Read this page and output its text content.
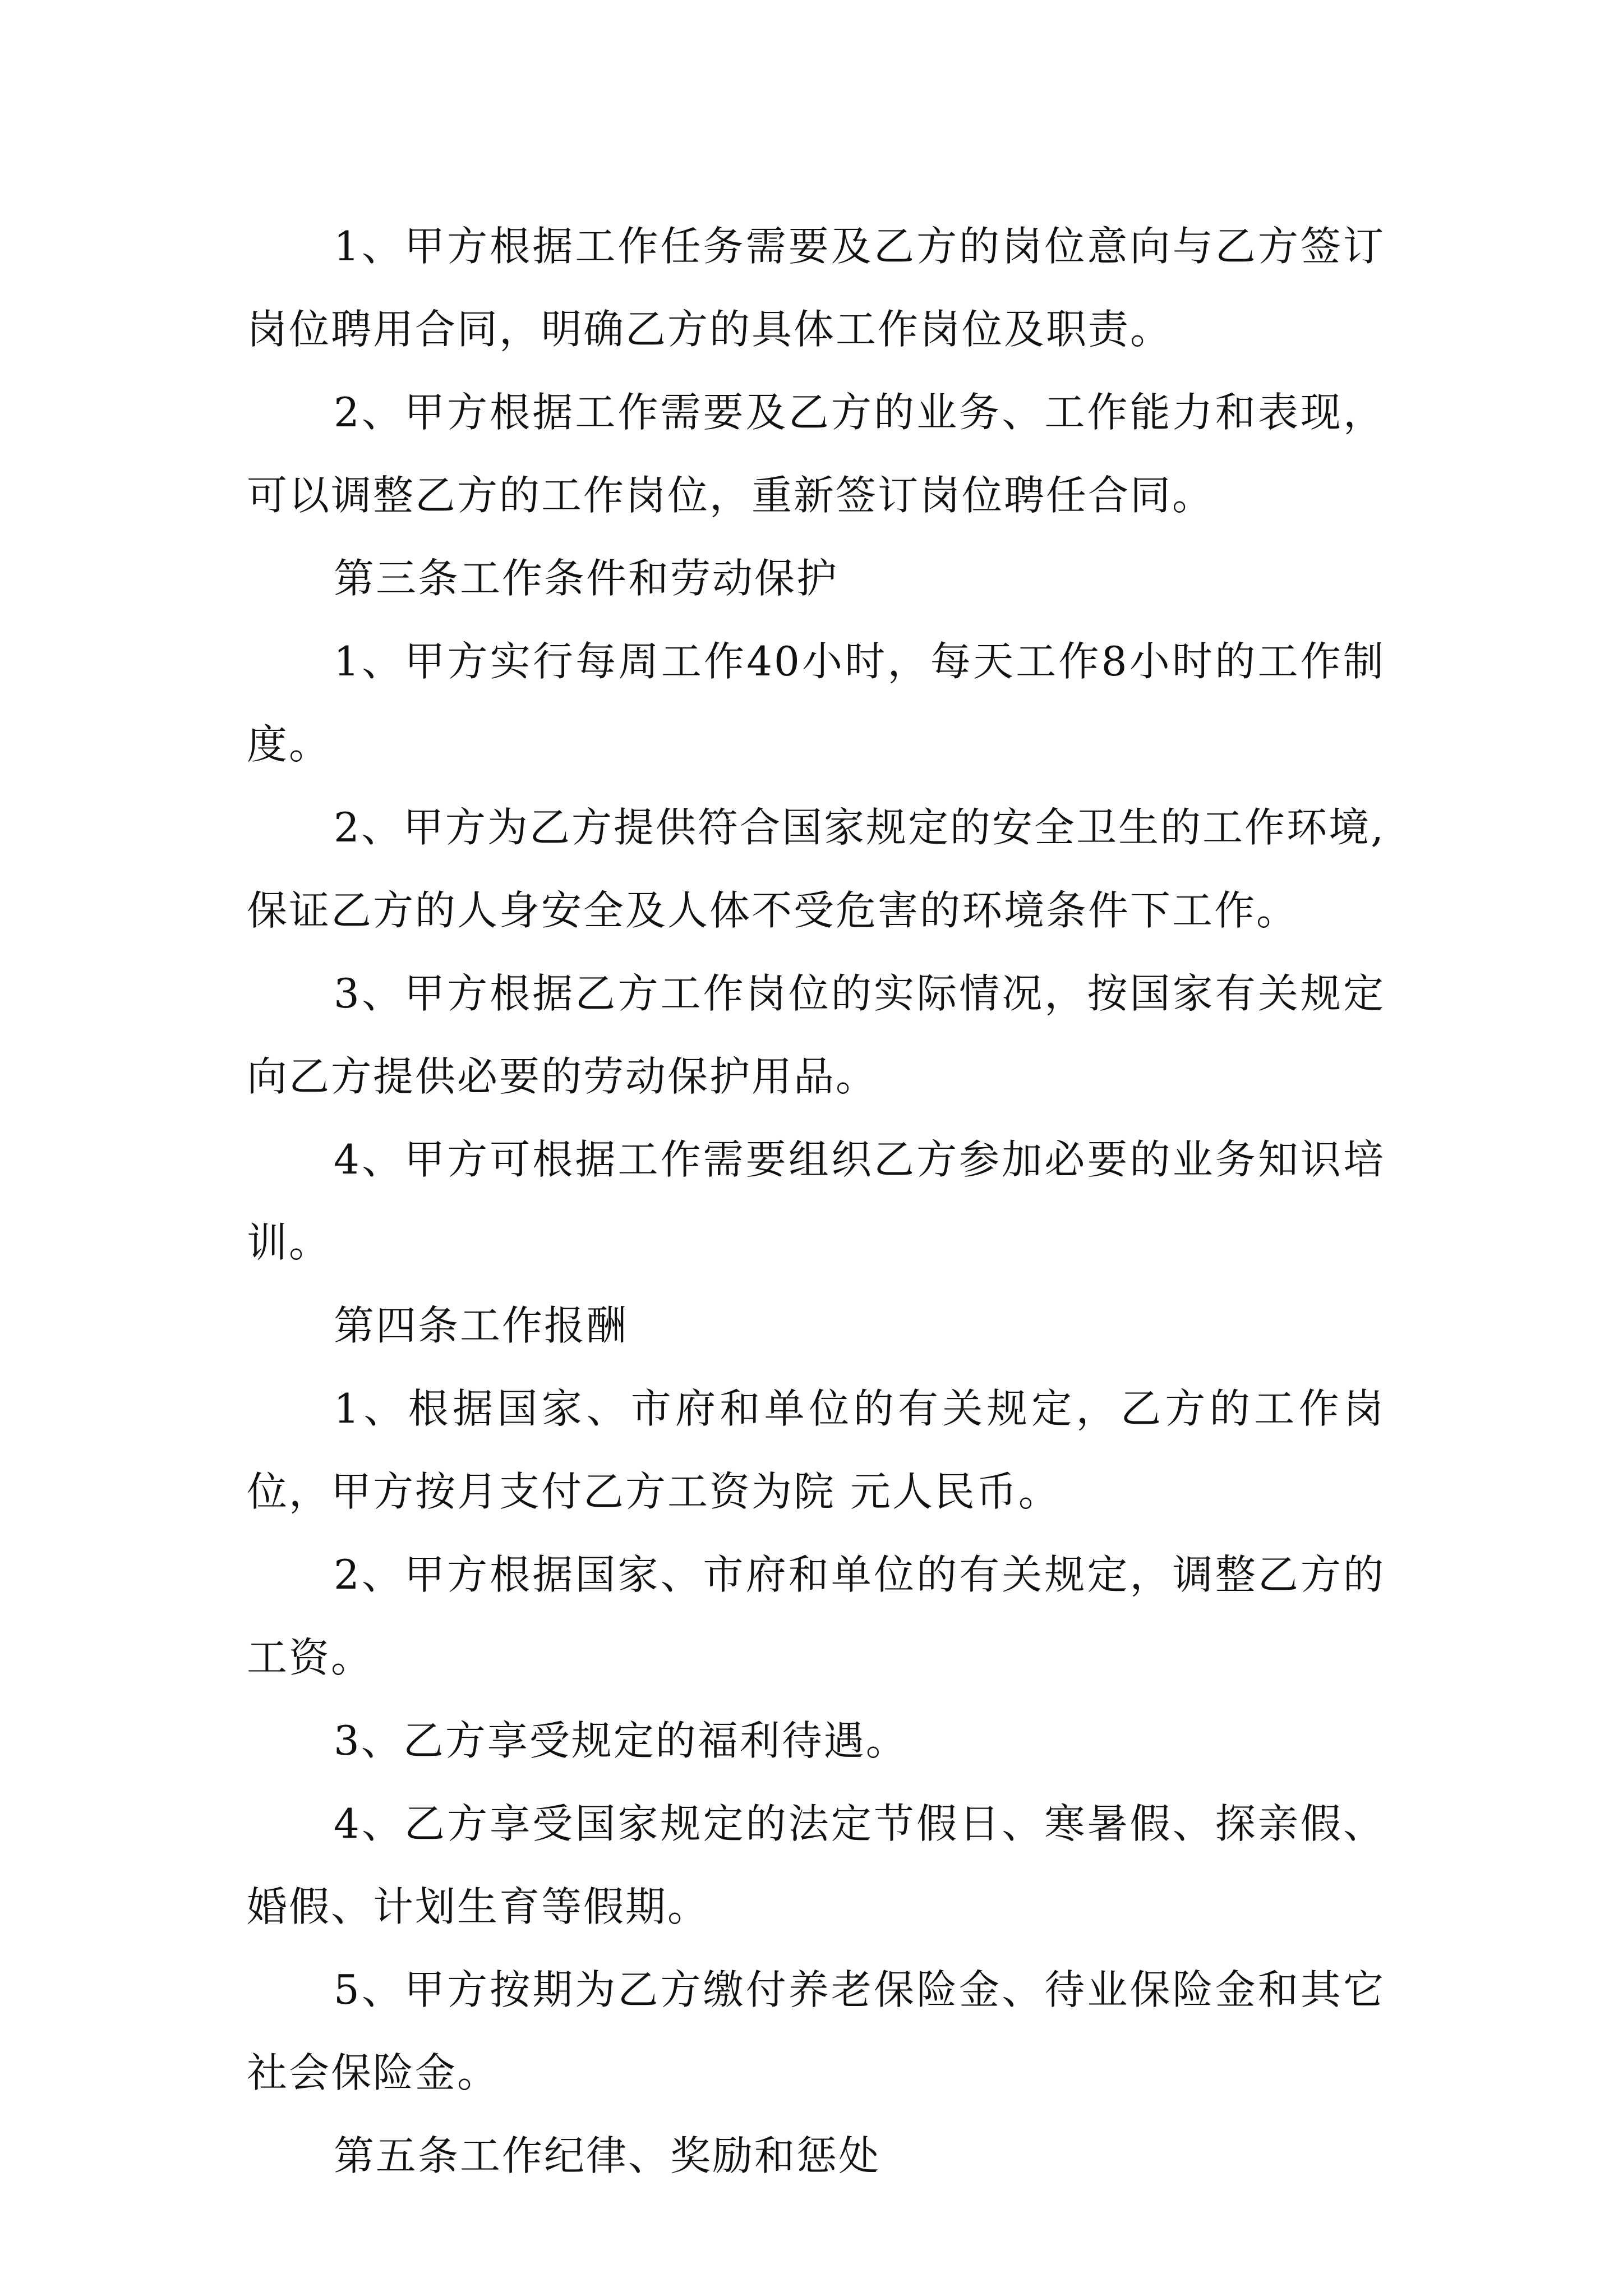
1、甲方根据工作任务需要及乙方的岗位意向与乙方签订岗位聘用合同，明确乙方的具体工作岗位及职责。

2、甲方根据工作需要及乙方的业务、工作能力和表现，可以调整乙方的工作岗位，重新签订岗位聘任合同。

第三条工作条件和劳动保护

1、甲方实行每周工作40小时，每天工作8小时的工作制度。

2、甲方为乙方提供符合国家规定的安全卫生的工作环境,保证乙方的人身安全及人体不受危害的环境条件下工作。

3、甲方根据乙方工作岗位的实际情况，按国家有关规定向乙方提供必要的劳动保护用品。

4、甲方可根据工作需要组织乙方参加必要的业务知识培训。

第四条工作报酬

1、根据国家、市府和单位的有关规定，乙方的工作岗位，甲方按月支付乙方工资为院 元人民币。

2、甲方根据国家、市府和单位的有关规定，调整乙方的工资。

3、乙方享受规定的福利待遇。

4、乙方享受国家规定的法定节假日、寒暑假、探亲假、婚假、计划生育等假期。

5、甲方按期为乙方缴付养老保险金、待业保险金和其它社会保险金。

第五条工作纪律、奖励和惩处
